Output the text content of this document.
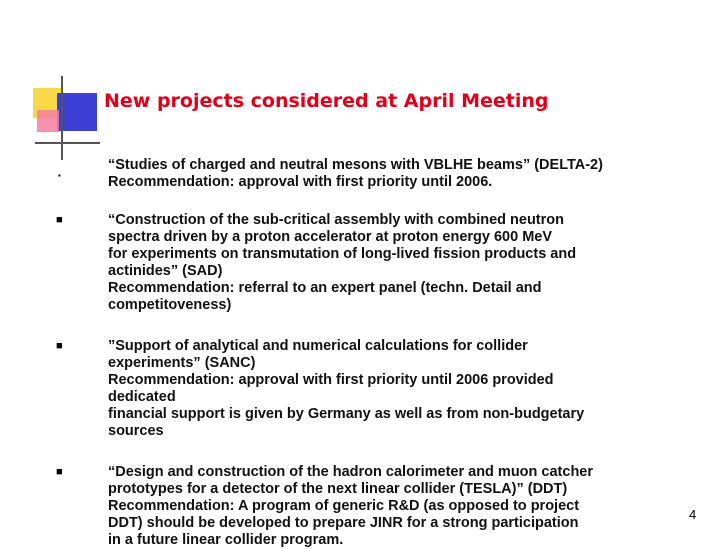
New projects considered at April Meeting
▪

“Studies of charged and neutral mesons with VBLHE beams” (DELTA-2)

Recommendation: approval with first priority until 2006.

■	“Construction of the sub-critical assembly with combined neutron

spectra driven by a proton accelerator at proton energy 600 MeV

for experiments on transmutation of long-lived fission products and

actinides” (SAD)

Recommendation: referral to an expert panel (techn. Detail and

competitoveness)

■	”Support of analytical and numerical calculations for collider

experiments” (SANC)

Recommendation: approval with first priority until 2006 provided

dedicated

financial support is given by Germany as well as from non-budgetary

sources

■	“Design and construction of the hadron calorimeter and muon catcher

prototypes for a detector of the next linear collider (TESLA)” (DDT)

Recommendation: A program of generic R&D (as opposed to project

DDT) should be developed to prepare JINR for a strong participation

in a future linear collider program.

4
